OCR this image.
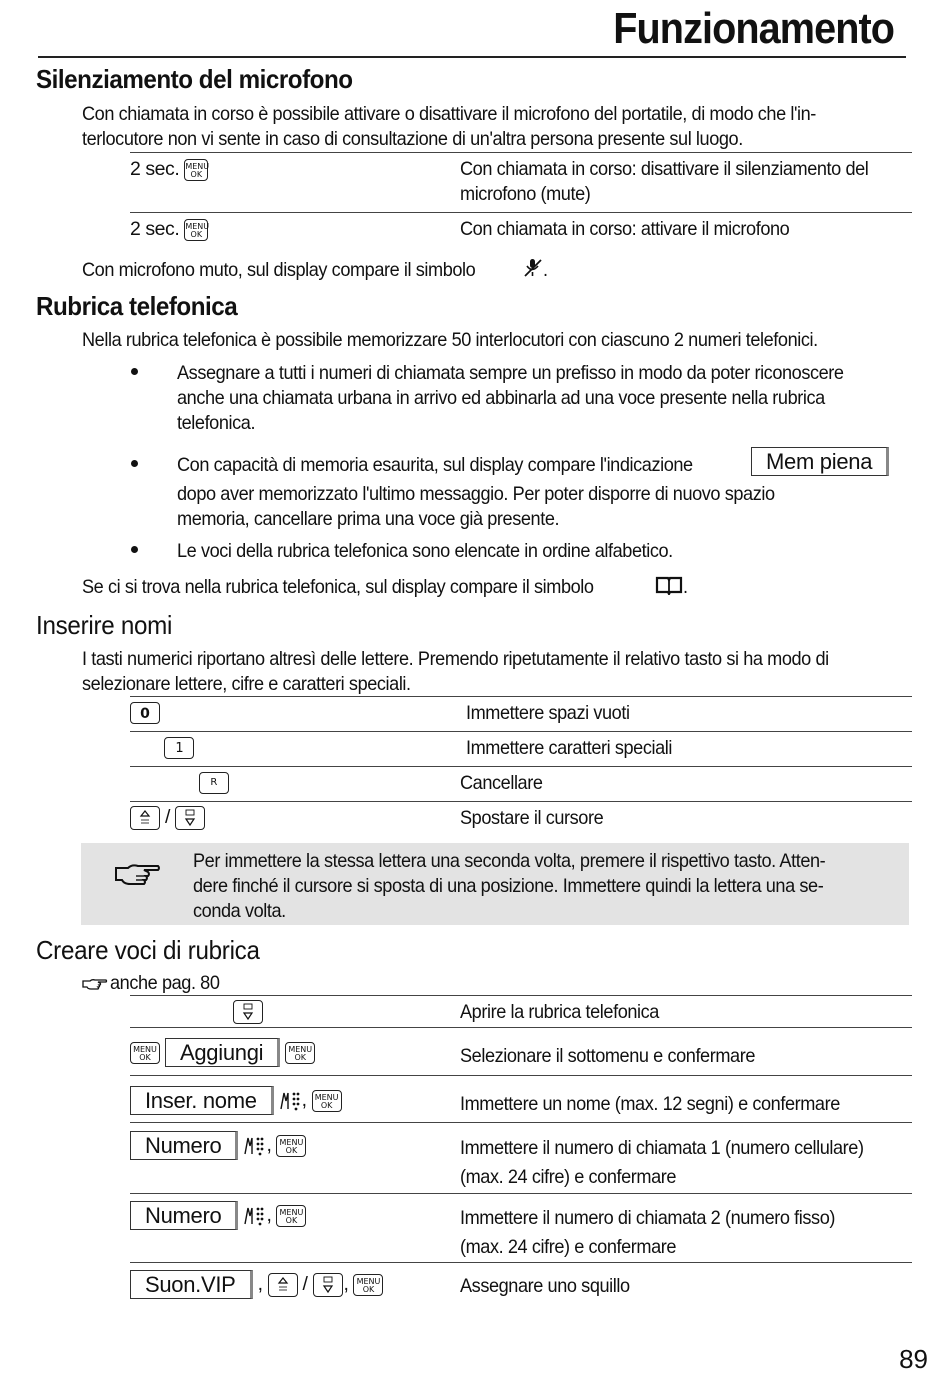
Funzionamento
Silenziamento del microfono
Con chiamata in corso è possibile attivare o disattivare il microfono del portatile, di modo che l'in-
terlocutore non vi sente in caso di consultazione di un'altra persona presente sul luogo.
2 sec. MENU
OK	Con chiamata in corso: disattivare il silenziamento del
microfono (mute)
2 sec. MENU
OK	Con chiamata in corso: attivare il microfono
Con microfono muto, sul display compare il simbolo	.
Rubrica telefonica
Nella rubrica telefonica è possibile memorizzare 50 interlocutori con ciascuno 2 numeri telefonici.
Assegnare a tutti i numeri di chiamata sempre un prefisso in modo da poter riconoscere
anche una chiamata urbana in arrivo ed abbinarla ad una voce presente nella rubrica
telefonica.
Con capacità di memoria esaurita, sul display compare l'indicazione	Mem piena
dopo aver memorizzato l'ultimo messaggio. Per poter disporre di nuovo spazio
memoria, cancellare prima una voce già presente.
Le voci della rubrica telefonica sono elencate in ordine alfabetico.
Se ci si trova nella rubrica telefonica, sul display compare il simbolo	.
Inserire nomi
I tasti numerici riportano altresì delle lettere. Premendo ripetutamente il relativo tasto si ha modo di
selezionare lettere, cifre e caratteri speciali.
0
	Immettere spazi vuoti
1
	Immettere caratteri speciali
R
	Cancellare
/	Spostare il cursore
Per immettere la stessa lettera una seconda volta, premere il rispettivo tasto. Atten-
dere finché il cursore si sposta di una posizione. Immettere quindi la lettera una se-
conda volta.
Creare voci di rubrica
anche pag. 80
Aprire la rubrica telefonica
MENU
OK	Aggiungi	MENU
OK	Selezionare il sottomenu e confermare
Inser. nome	, MENU
OK	Immettere un nome (max. 12 segni) e confermare
Numero	, MENU
OK	Immettere il numero di chiamata 1 (numero cellulare)
(max. 24 cifre) e confermare
Numero	, MENU
OK	Immettere il numero di chiamata 2 (numero fisso)
(max. 24 cifre) e confermare
Suon.VIP	, / , MENU
OK	Assegnare uno squillo
89
